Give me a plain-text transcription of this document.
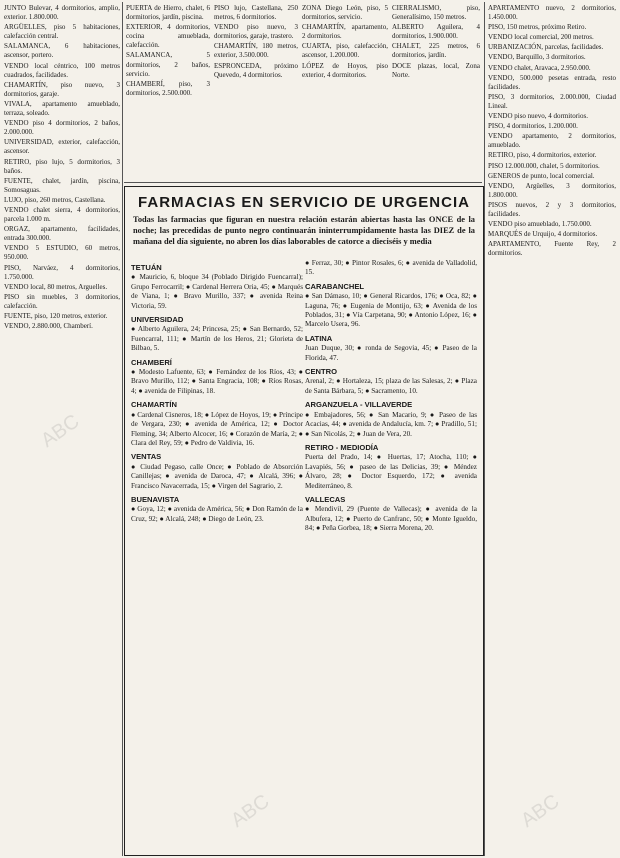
JUNTO Bulevar, 4 dormitorios, amplio, exterior. 1.800.000.

ARGÜELLES, piso 5 habitaciones, calefacción central.

SALAMANCA, 6 habitaciones, ascensor, portero.

VENDO local céntrico, 100 metros cuadrados, facilidades.

CHAMARTÍN, piso nuevo, 3 dormitorios, garaje.

VIVALA, apartamento amueblado, terraza, soleado.

VENDO piso 4 dormitorios, 2 baños, 2.000.000.

UNIVERSIDAD, exterior, calefacción, ascensor.

RETIRO, piso lujo, 5 dormitorios, 3 baños.

FUENTE, chalet, jardín, piscina, Somosaguas.

LUJO, piso, 260 metros, Castellana.

VENDO chalet sierra, 4 dormitorios, parcela 1.000 m.

ORGAZ, apartamento, facilidades, entrada 300.000.

VENDO 5 ESTUDIO, 60 metros, 950.000.

PISO, Narváez, 4 dormitorios, 1.750.000.

VENDO local, 80 metros, Arguelles.

PISO sin muebles, 3 dormitorios, calefacción.

FUENTE, piso, 120 metros, exterior.

VENDO, 2.880.000, Chamberí.

PUERTA de Hierro, chalet, 6 dormitorios, jardín, piscina.

EXTERIOR, 4 dormitorios, cocina amueblada, calefacción.

SALAMANCA, 5 dormitorios, 2 baños, servicio.

CHAMBERÍ, piso, 3 dormitorios, 2.500.000.

PISO lujo, Castellana, 250 metros, 6 dormitorios.

VENDO piso nuevo, 3 dormitorios, garaje, trastero.

CHAMARTÍN, 180 metros, exterior, 3.500.000.

ESPRONCEDA, próximo Quevedo, 4 dormitorios.

ZONA Diego León, piso, 5 dormitorios, servicio.

CHAMARTÍN, apartamento, 2 dormitorios.

CUARTA, piso, calefacción, ascensor, 1.200.000.

LÓPEZ de Hoyos, piso exterior, 4 dormitorios.

CIERRALISMO, piso, Generalísimo, 150 metros.

ALBERTO Aguilera, 4 dormitorios, 1.900.000.

CHALET, 225 metros, 6 dormitorios, jardín.

DOCE plazas, local, Zona Norte.

APARTAMENTO nuevo, 2 dormitorios, 1.450.000.

PISO, 150 metros, próximo Retiro.

VENDO local comercial, 200 metros.

URBANIZACIÓN, parcelas, facilidades.

VENDO, Barquillo, 3 dormitorios.

VENDO chalet, Aravaca, 2.950.000.

VENDO, 500.000 pesetas entrada, resto facilidades.

PISO, 3 dormitorios, 2.000.000, Ciudad Lineal.

VENDO piso nuevo, 4 dormitorios.

PISO, 4 dormitorios, 1.200.000.

VENDO apartamento, 2 dormitorios, amueblado.

RETIRO, piso, 4 dormitorios, exterior.

PISO 12.000.000, chalet, 5 dormitorios.

GENEROS de punto, local comercial.

VENDO, Argüelles, 3 dormitorios, 1.800.000.

PISOS nuevos, 2 y 3 dormitorios, facilidades.

VENDO piso amueblado, 1.750.000.

MARQUÉS de Urquijo, 4 dormitorios.

APARTAMENTO, Fuente Rey, 2 dormitorios.

FARMACIAS EN SERVICIO DE URGENCIA
Todas las farmacias que figuran en nuestra relación estarán abiertas hasta las ONCE de la noche; las precedidas de punto negro continuarán ininterrumpidamente hasta las DIEZ de la mañana del día siguiente, no abren los días laborables de catorce a dieciséis y media
TETUÁN
● Mauricio, 6, bloque 34 (Poblado Dirigido Fuencarral); Grupo Ferrocarril; ● Cardenal Herrera Oria, 45; ● Marqués de Viana, 1; ● Bravo Murillo, 337; ● avenida Reina Victoria, 59.
UNIVERSIDAD
● Alberto Aguilera, 24; Princesa, 25; ● San Bernardo, 52; Fuencarral, 111; ● Martín de los Heros, 21; Glorieta de Bilbao, 5.
CHAMBERÍ
● Modesto Lafuente, 63; ● Fernández de los Ríos, 43; ● Bravo Murillo, 112; ● Santa Engracia, 108; ● Ríos Rosas, 4; ● avenida de Filipinas, 18.
CHAMARTÍN
● Cardenal Cisneros, 18; ● López de Hoyos, 19; ● Príncipe de Vergara, 230; ● avenida de América, 12; ● Doctor Fleming, 34; Alberto Alcocer, 16; ● Corazón de María, 2; ● Clara del Rey, 59; ● Pedro de Valdivia, 16.
VENTAS
● Ciudad Pegaso, calle Once; ● Poblado de Absorción Canillejas; ● avenida de Daroca, 47; ● Alcalá, 396; ● Francisco Navacerrada, 15; ● Virgen del Sagrario, 2.
BUENAVISTA
● Goya, 12; ● avenida de América, 56; ● Don Ramón de la Cruz, 92; ● Alcalá, 248; ● Diego de León, 23.
● Ferraz, 30; ● Pintor Rosales, 6; ● avenida de Valladolid, 15.
CARABANCHEL
● San Dámaso, 10; ● General Ricardos, 176; ● Oca, 82; ● Laguna, 76; ● Eugenia de Montijo, 63; ● Avenida de los Poblados, 31; ● Vía Carpetana, 90; ● Antonio López, 16; ● Marcelo Usera, 96.
LATINA
Juan Duque, 30; ● ronda de Segovia, 45; ● Paseo de la Florida, 47.
CENTRO
Arenal, 2; ● Hortaleza, 15; plaza de las Salesas, 2; ● Plaza de Santa Bárbara, 5; ● Sacramento, 10.
ARGANZUELA - VILLAVERDE
● Embajadores, 56; ● San Macario, 9; ● Paseo de las Acacias, 44; ● avenida de Andalucía, km. 7; ● Pradillo, 51; ● San Nicolás, 2; ● Juan de Vera, 20.
RETIRO - MEDIODÍA
Puerta del Prado, 14; ● Huertas, 17; Atocha, 110; ● Lavapiés, 56; ● paseo de las Delicias, 39; ● Méndez Álvaro, 28; ● Doctor Esquerdo, 172; ● avenida Mediterráneo, 8.
VALLECAS
● Mendivil, 29 (Puente de Vallecas); ● avenida de la Albufera, 12; ● Puerto de Canfranc, 50; ● Monte Igueldo, 84; ● Peña Gorbea, 18; ● Sierra Morena, 20.
ABC
ABC	ABC
